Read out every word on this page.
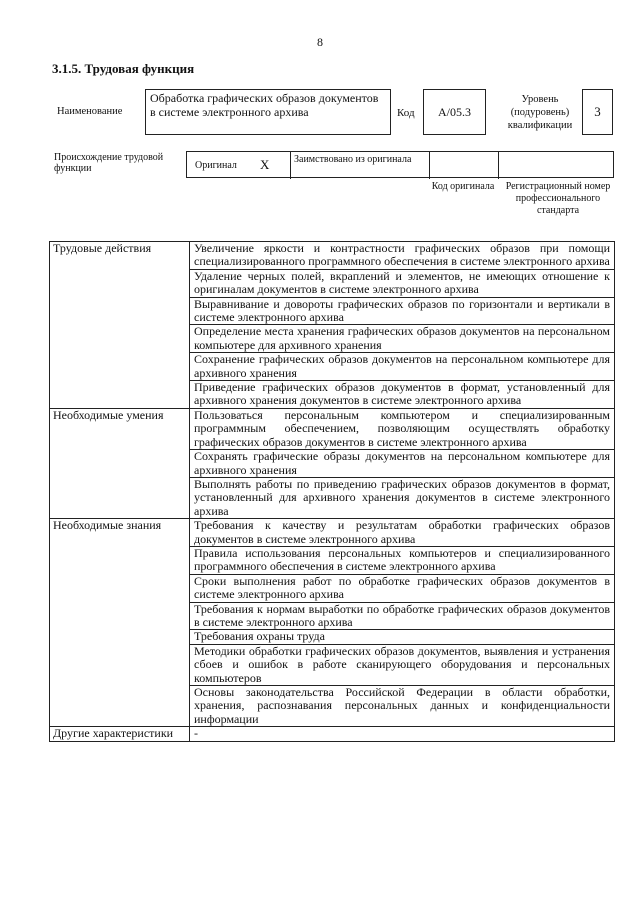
8
3.1.5. Трудовая функция
Наименование
Обработка графических образов документов в системе электронного архива	Код А/05.3
Уровень (подуровень) квалификации
3
Происхождение трудовой функции	Оригинал X Заимствовано из оригинала
Код оригинала	Регистрационный номер профессионального стандарта
Трудовые действия	Увеличение яркости и контрастности графических образов при помощи специализированного программного обеспечения в системе электронного архива
	Удаление черных полей, вкраплений и элементов, не имеющих отношение к оригиналам документов в системе электронного архива
	Выравнивание и довороты графических образов по горизонтали и вертикали в системе электронного архива
	Определение места хранения графических образов документов на персональном компьютере для архивного хранения
	Сохранение графических образов документов на персональном компьютере для архивного хранения
	Приведение графических образов документов в формат, установленный для архивного хранения документов в системе электронного архива
Необходимые умения	Пользоваться персональным компьютером и специализированным программным обеспечением, позволяющим осуществлять обработку графических образов документов в системе электронного архива
	Сохранять графические образы документов на персональном компьютере для архивного хранения
	Выполнять работы по приведению графических образов документов в формат, установленный для архивного хранения документов в системе электронного архива
Необходимые знания	Требования к качеству и результатам обработки графических образов документов в системе электронного архива
	Правила использования персональных компьютеров и специализированного программного обеспечения в системе электронного архива
	Сроки выполнения работ по обработке графических образов документов в системе электронного архива
	Требования к нормам выработки по обработке графических образов документов в системе электронного архива
	Требования охраны труда
	Методики обработки графических образов документов, выявления и устранения сбоев и ошибок в работе сканирующего оборудования и персональных компьютеров
	Основы законодательства Российской Федерации в области обработки, хранения, распознавания персональных данных и конфиденциальности информации
Другие характеристики	-
